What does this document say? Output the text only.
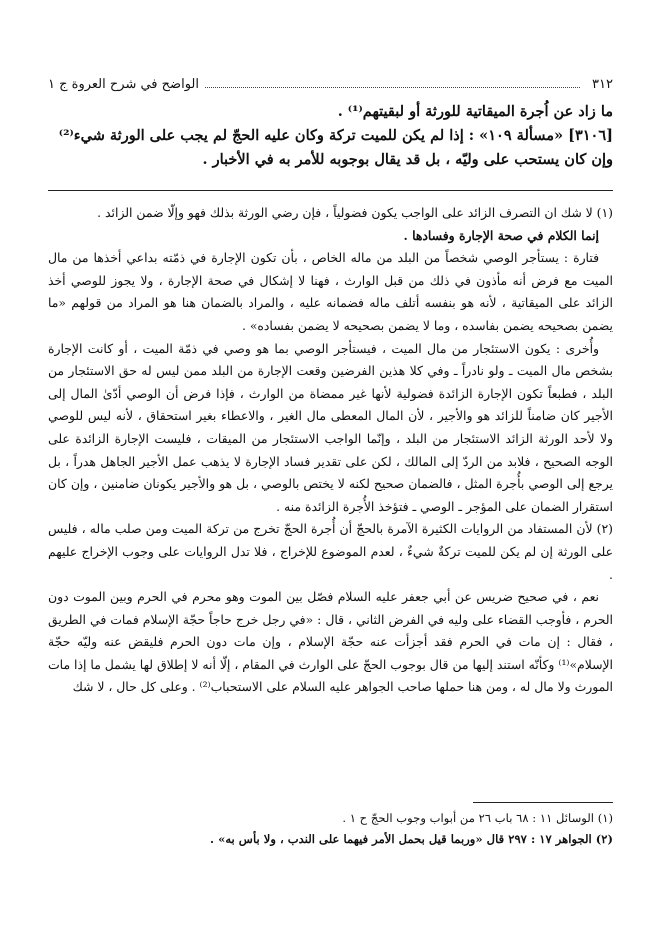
٣١٢
الواضح في شرح العروة ج ١

ما زاد عن اُجرة الميقاتية للورثة أو لبقيتهم⁽¹⁾ .

[٣١٠٦] «مسألة ١٠٩» : إذا لم يكن للميت تركة وكان عليه الحجّ لم يجب على الورثة شيء⁽²⁾

وإن كان يستحب على وليّه ، بل قد يقال بوجوبه للأمر به في الأخبار .

(١) لا شك ان التصرف الزائد على الواجب يكون فضولياً ، فإن رضي الورثة بذلك فهو وإلّا ضمن الزائد .

إنما الكلام في صحة الإجارة وفسادها .

فتارة : يستأجر الوصي شخصاً من البلد من ماله الخاص ، بأن تكون الإجارة في ذمّته بداعي أخذها من مال الميت مع فرض أنه مأذون في ذلك من قبل الوارث ، فهنا لا إشكال في صحة الإجارة ، ولا يجوز للوصي أخذ الزائد على الميقاتية ، لأنه هو بنفسه أتلف ماله فضمانه عليه ، والمراد بالضمان هنا هو المراد من قولهم «ما يضمن بصحيحه يضمن بفاسده ، وما لا يضمن بصحيحه لا يضمن بفساده» .

وأُخرى : يكون الاستئجار من مال الميت ، فيستأجر الوصي بما هو وصي في ذمّة الميت ، أو كانت الإجارة بشخص مال الميت ـ ولو نادراً ـ وفي كلا هذين الفرضين وقعت الإجارة من البلد ممن ليس له حق الاستئجار من البلد ، فطبعاً تكون الإجارة الزائدة فضولية لأنها غير ممضاة من الوارث ، فإذا فرض أن الوصي أدّىٰ المال إلى الأجير كان ضامناً للزائد هو والأجير ، لأن المال المعطى مال الغير ، والاعطاء بغير استحقاق ، لأنه ليس للوصي ولا لأحد الورثة الزائد الاستئجار من البلد ، وإنّما الواجب الاستئجار من الميقات ، فليست الإجارة الزائدة على الوجه الصحيح ، فلابد من الردّ إلى المالك ، لكن على تقدير فساد الإجارة لا يذهب عمل الأجير الجاهل هدراً ، بل يرجع إلى الوصي بأُجرة المثل ، فالضمان صحيح لكنه لا يختص بالوصي ، بل هو والأجير يكونان ضامنين ، وإن كان استقرار الضمان على المؤجر ـ الوصي ـ فتؤخذ الأُجرة الزائدة منه .

(٢) لأن المستفاد من الروايات الكثيرة الآمرة بالحجّ أن أُجرة الحجّ تخرج من تركة الميت ومن صلب ماله ، فليس على الورثة إن لم يكن للميت تركةٌ شيءٌ ، لعدم الموضوع للإخراج ، فلا تدل الروايات على وجوب الإخراج عليهم .

نعم ، في صحيح ضريس عن أبي جعفر عليه السلام فصّل بين الموت وهو محرم في الحرم وبين الموت دون الحرم ، فأوجب القضاء على وليه في الفرض الثاني ، قال : «في رجل خرج حاجاً حجّة الإسلام فمات في الطريق ، فقال : إن مات في الحرم فقد أجزأت عنه حجّة الإسلام ، وإن مات دون الحرم فليقض عنه وليّه حجّة الإسلام»⁽¹⁾ وكأنّه استند إليها من قال بوجوب الحجّ على الوارث في المقام ، إلّا أنه لا إطلاق لها يشمل ما إذا مات المورث ولا مال له ، ومن هنا حملها صاحب الجواهر عليه السلام على الاستحباب⁽²⁾ . وعلى كل حال ، لا شك

(١) الوسائل ١١ : ٦٨ باب ٢٦ من أبواب وجوب الحجّ ح ١ .

(٢) الجواهر ١٧ : ٢٩٧ قال «وربما قيل بحمل الأمر فيهما على الندب ، ولا بأس به» .
